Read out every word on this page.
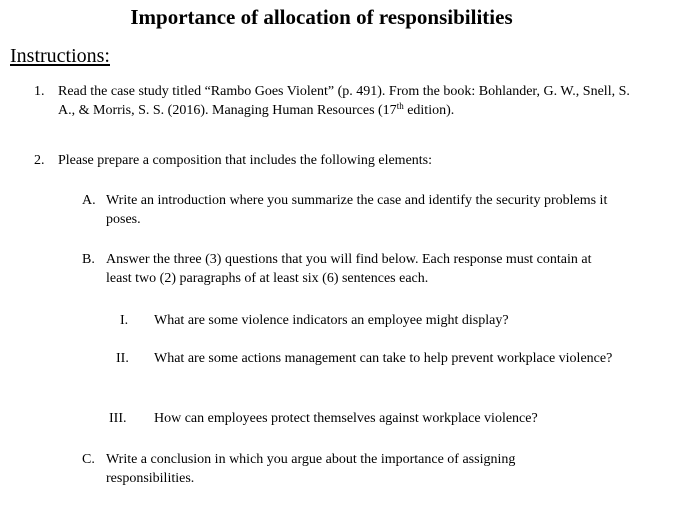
Importance of allocation of responsibilities
Instructions:
1. Read the case study titled “Rambo Goes Violent” (p. 491). From the book: Bohlander, G. W., Snell, S. A., & Morris, S. S. (2016). Managing Human Resources (17th edition).
2. Please prepare a composition that includes the following elements:
A. Write an introduction where you summarize the case and identify the security problems it poses.
B. Answer the three (3) questions that you will find below. Each response must contain at least two (2) paragraphs of at least six (6) sentences each.
I. What are some violence indicators an employee might display?
II. What are some actions management can take to help prevent workplace violence?
III. How can employees protect themselves against workplace violence?
C. Write a conclusion in which you argue about the importance of assigning responsibilities.
